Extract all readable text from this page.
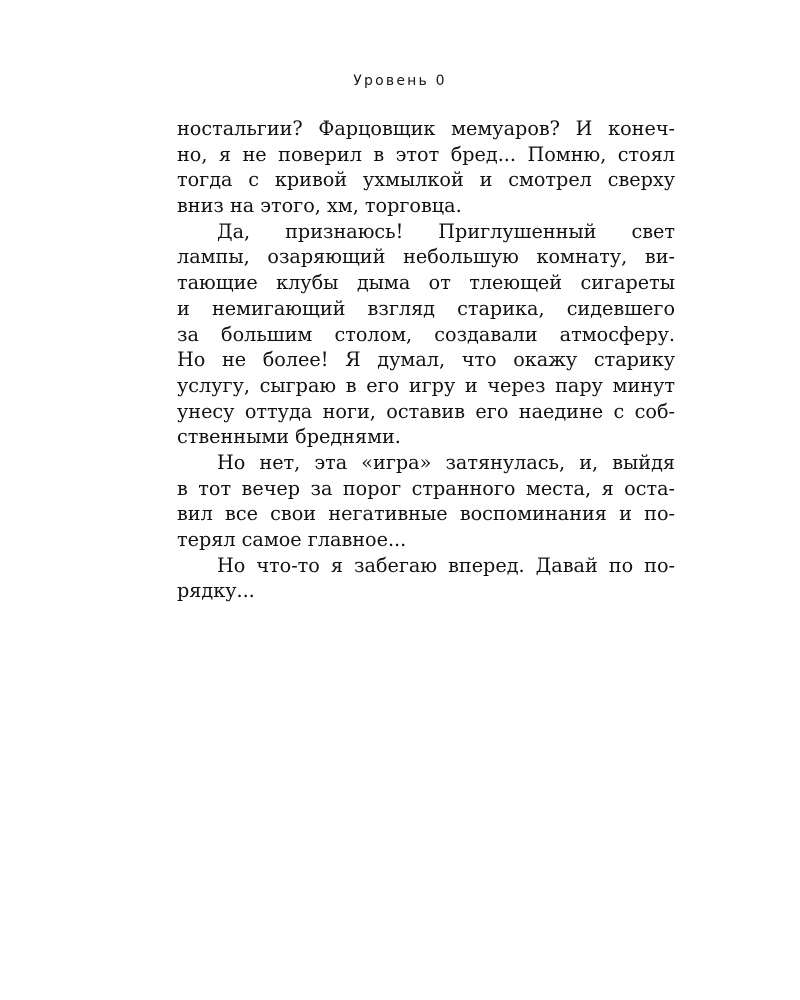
Уровень 0
ностальгии? Фарцовщик мемуаров? И конеч-
но, я не поверил в этот бред... Помню, стоял
тогда с кривой ухмылкой и смотрел сверху
вниз на этого, хм, торговца.
Да, признаюсь! Приглушенный свет
лампы, озаряющий небольшую комнату, ви-
тающие клубы дыма от тлеющей сигареты
и немигающий взгляд старика, сидевшего
за большим столом, создавали атмосферу.
Но не более! Я думал, что окажу старику
услугу, сыграю в его игру и через пару минут
унесу оттуда ноги, оставив его наедине с соб-
ственными бреднями.
Но нет, эта «игра» затянулась, и, выйдя
в тот вечер за порог странного места, я оста-
вил все свои негативные воспоминания и по-
терял самое главное...
Но что-то я забегаю вперед. Давай по по-
рядку...
